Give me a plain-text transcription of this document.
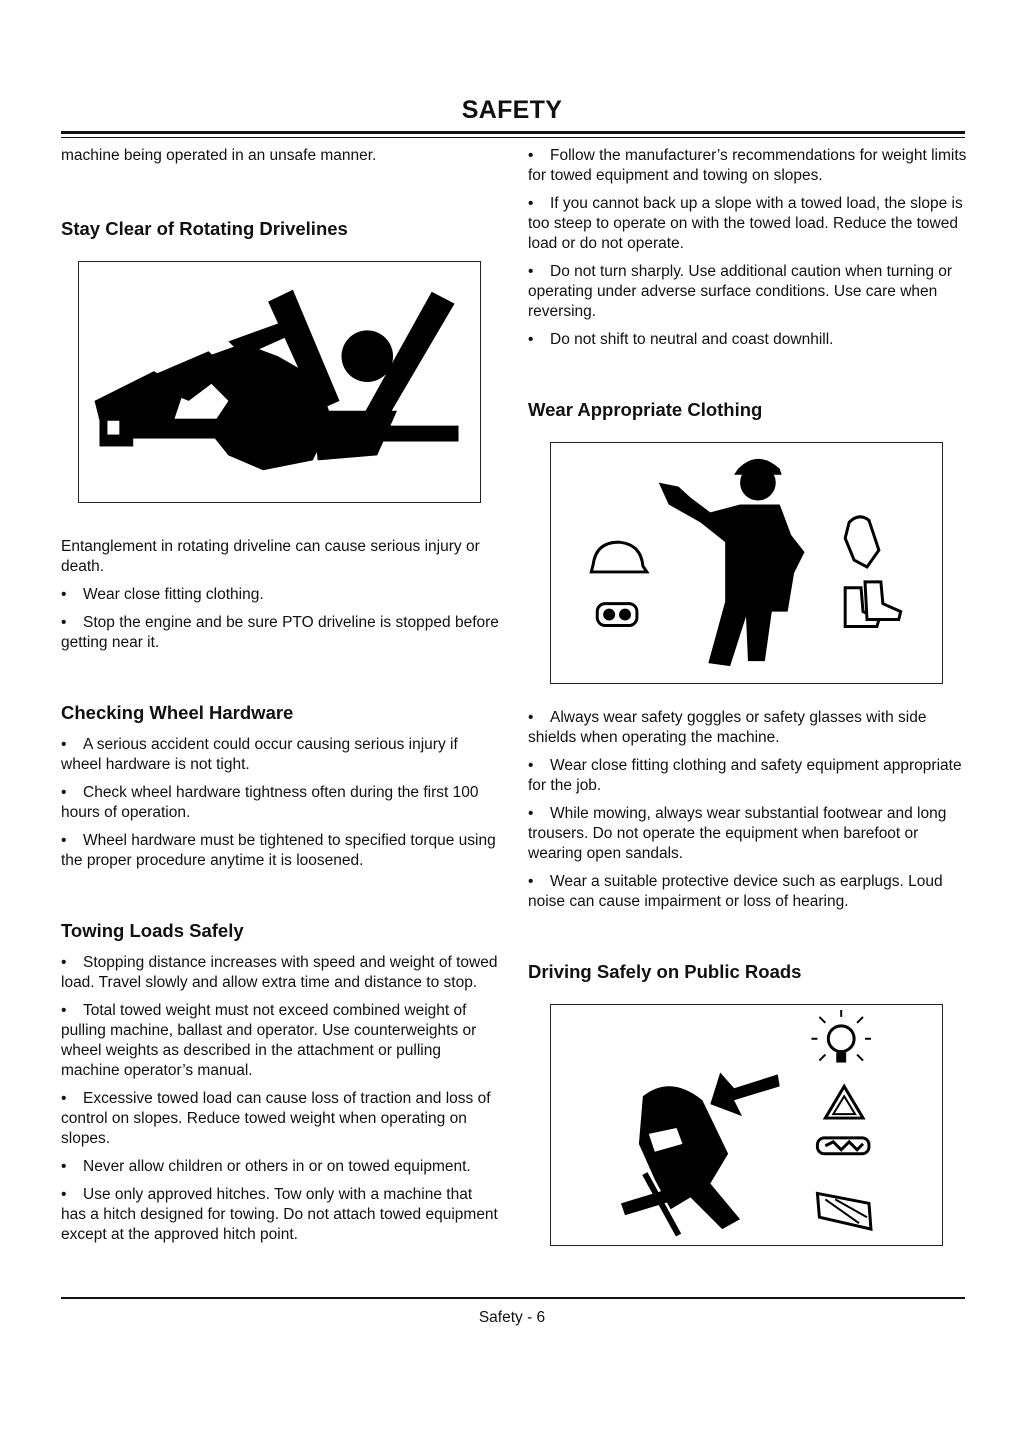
SAFETY

machine being operated in an unsafe manner.

Stay Clear of Rotating Drivelines

Entanglement in rotating driveline can cause serious injury or death.

• Wear close fitting clothing.

• Stop the engine and be sure PTO driveline is stopped before getting near it.

Checking Wheel Hardware

• A serious accident could occur causing serious injury if wheel hardware is not tight.

• Check wheel hardware tightness often during the first 100 hours of operation.

• Wheel hardware must be tightened to specified torque using the proper procedure anytime it is loosened.

Towing Loads Safely

• Stopping distance increases with speed and weight of towed load. Travel slowly and allow extra time and distance to stop.

• Total towed weight must not exceed combined weight of pulling machine, ballast and operator. Use counterweights or wheel weights as described in the attachment or pulling machine operator’s manual.

• Excessive towed load can cause loss of traction and loss of control on slopes. Reduce towed weight when operating on slopes.

• Never allow children or others in or on towed equipment.

• Use only approved hitches. Tow only with a machine that has a hitch designed for towing. Do not attach towed equipment except at the approved hitch point.

• Follow the manufacturer’s recommendations for weight limits for towed equipment and towing on slopes.

• If you cannot back up a slope with a towed load, the slope is too steep to operate on with the towed load. Reduce the towed load or do not operate.

• Do not turn sharply. Use additional caution when turning or operating under adverse surface conditions. Use care when reversing.

• Do not shift to neutral and coast downhill.

Wear Appropriate Clothing

• Always wear safety goggles or safety glasses with side shields when operating the machine.

• Wear close fitting clothing and safety equipment appropriate for the job.

• While mowing, always wear substantial footwear and long trousers. Do not operate the equipment when barefoot or wearing open sandals.

• Wear a suitable protective device such as earplugs. Loud noise can cause impairment or loss of hearing.

Driving Safely on Public Roads
Safety - 6
